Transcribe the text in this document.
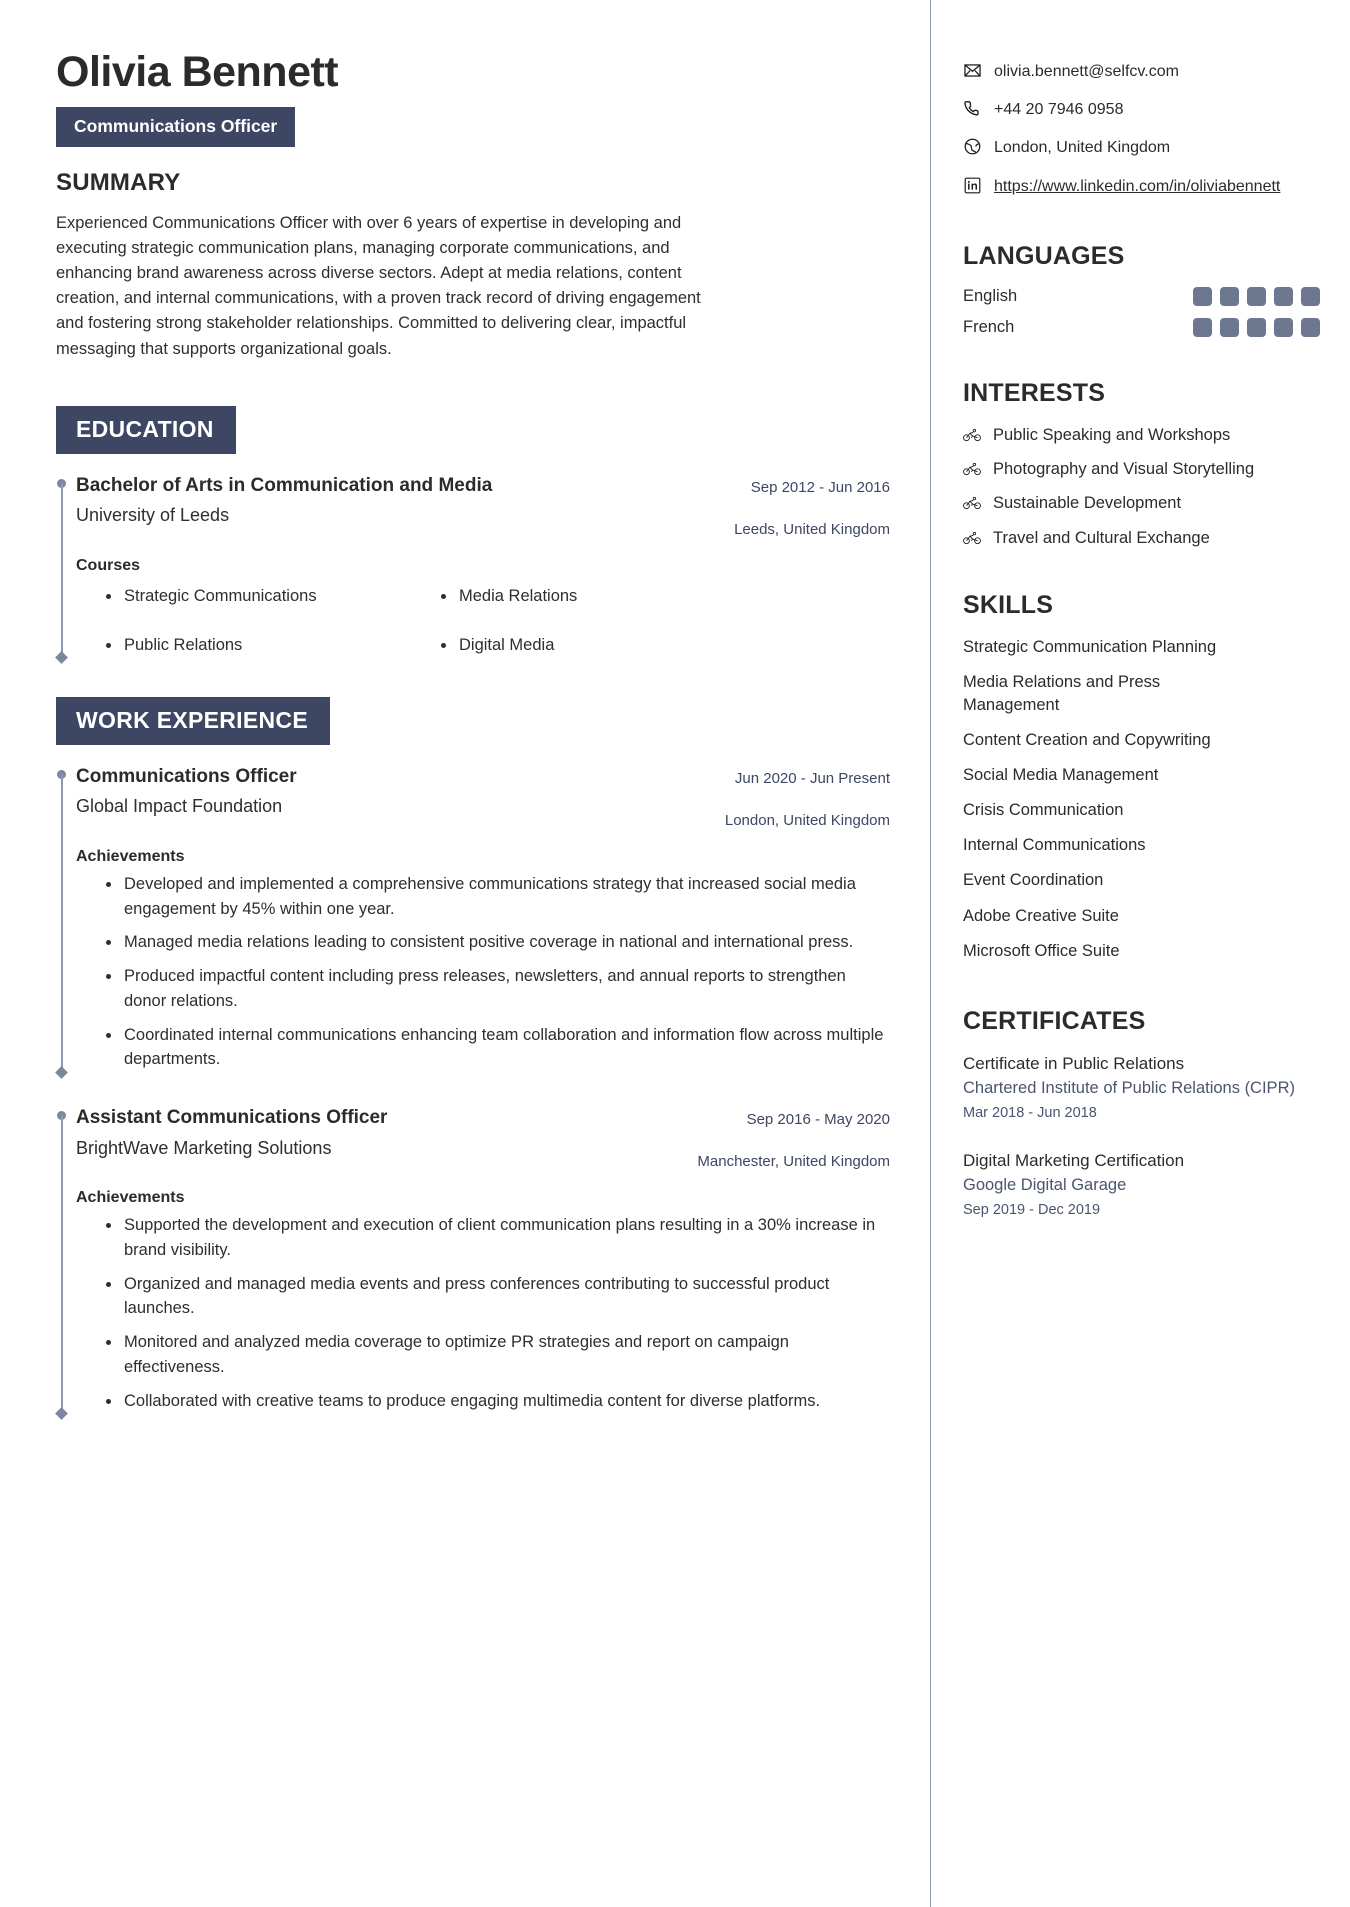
Olivia Bennett
Communications Officer
SUMMARY
Experienced Communications Officer with over 6 years of expertise in developing and executing strategic communication plans, managing corporate communications, and enhancing brand awareness across diverse sectors. Adept at media relations, content creation, and internal communications, with a proven track record of driving engagement and fostering strong stakeholder relationships. Committed to delivering clear, impactful messaging that supports organizational goals.
EDUCATION
Bachelor of Arts in Communication and Media
University of Leeds
Sep 2012 - Jun 2016
Leeds, United Kingdom
Courses
Strategic Communications	Media Relations
Public Relations	Digital Media
WORK EXPERIENCE
Communications Officer
Global Impact Foundation
Jun 2020 - Jun Present
London, United Kingdom
Achievements
Developed and implemented a comprehensive communications strategy that increased social media engagement by 45% within one year.
Managed media relations leading to consistent positive coverage in national and international press.
Produced impactful content including press releases, newsletters, and annual reports to strengthen donor relations.
Coordinated internal communications enhancing team collaboration and information flow across multiple departments.
Assistant Communications Officer
BrightWave Marketing Solutions
Sep 2016 - May 2020
Manchester, United Kingdom
Achievements
Supported the development and execution of client communication plans resulting in a 30% increase in brand visibility.
Organized and managed media events and press conferences contributing to successful product launches.
Monitored and analyzed media coverage to optimize PR strategies and report on campaign effectiveness.
Collaborated with creative teams to produce engaging multimedia content for diverse platforms.
olivia.bennett@selfcv.com
+44 20 7946 0958
London, United Kingdom
https://www.linkedin.com/in/oliviabennett
LANGUAGES
English
French
INTERESTS
Public Speaking and Workshops
Photography and Visual Storytelling
Sustainable Development
Travel and Cultural Exchange
SKILLS
Strategic Communication Planning
Media Relations and Press Management
Content Creation and Copywriting
Social Media Management
Crisis Communication
Internal Communications
Event Coordination
Adobe Creative Suite
Microsoft Office Suite
CERTIFICATES
Certificate in Public Relations
Chartered Institute of Public Relations (CIPR)
Mar 2018 - Jun 2018
Digital Marketing Certification
Google Digital Garage
Sep 2019 - Dec 2019
